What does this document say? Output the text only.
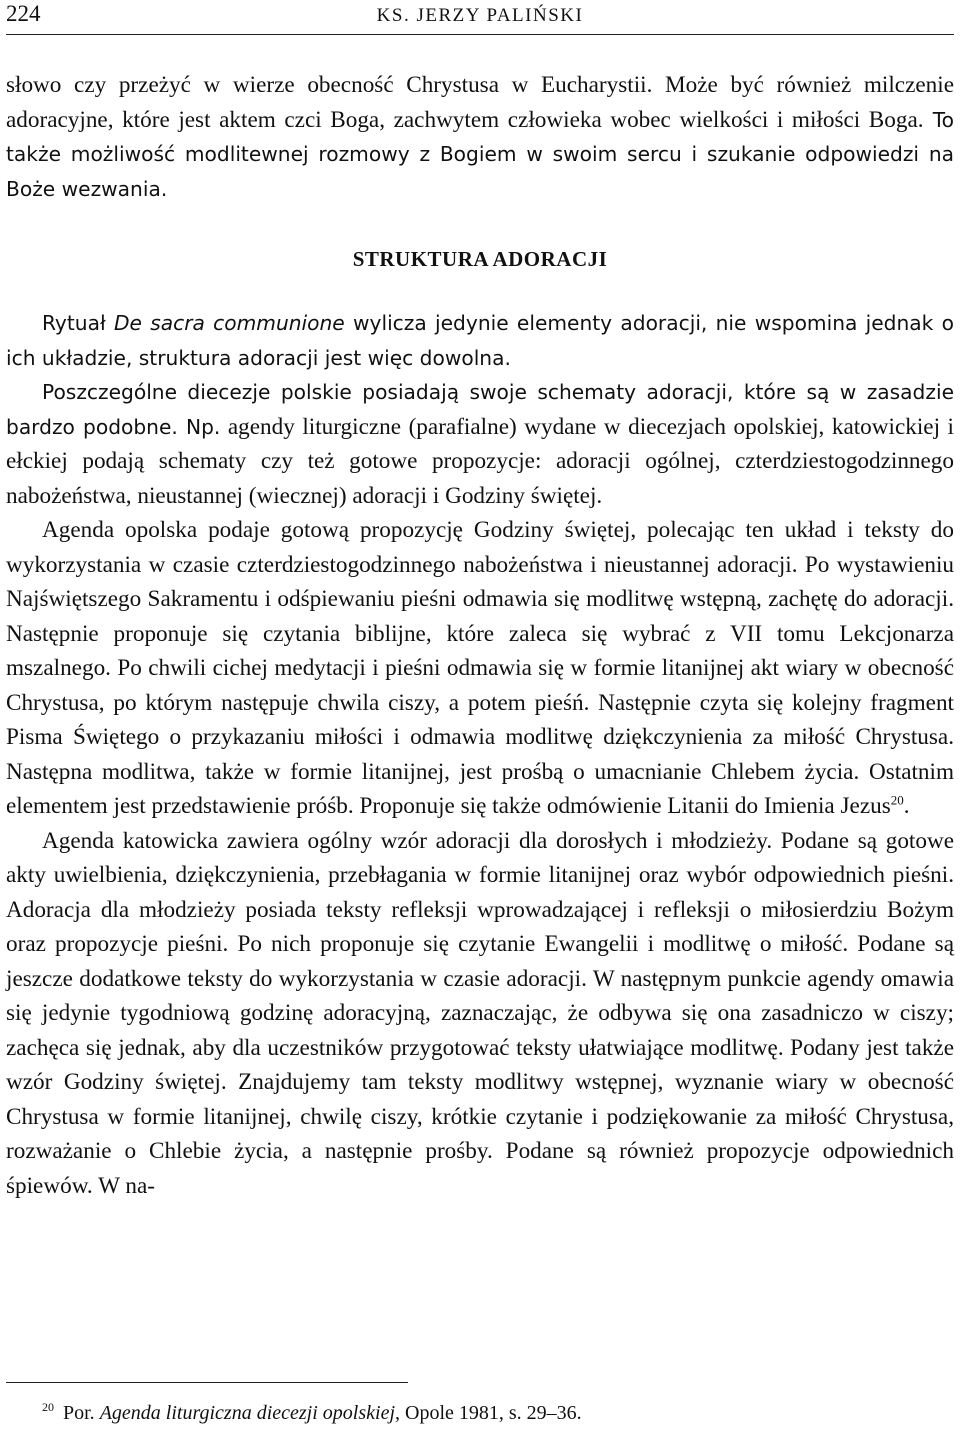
224	KS. JERZY PALIŃSKI

słowo czy przeżyć w wierze obecność Chrystusa w Eucharystii. Może być również milczenie adoracyjne, które jest aktem czci Boga, zachwytem człowieka wobec wielkości i miłości Boga. To także możliwość modlitewnej rozmowy z Bogiem w swoim sercu i szukanie odpowiedzi na Boże wezwania.

STRUKTURA ADORACJI

Rytuał De sacra communione wylicza jedynie elementy adoracji, nie wspomina jednak o ich układzie, struktura adoracji jest więc dowolna.

Poszczególne diecezje polskie posiadają swoje schematy adoracji, które są w zasadzie bardzo podobne. Np. agendy liturgiczne (parafialne) wydane w diecezjach opolskiej, katowickiej i ełckiej podają schematy czy też gotowe propozycje: adoracji ogólnej, czterdziestogodzinnego nabożeństwa, nieustannej (wiecznej) adoracji i Godziny świętej.

Agenda opolska podaje gotową propozycję Godziny świętej, polecając ten układ i teksty do wykorzystania w czasie czterdziestogodzinnego nabożeństwa i nieustannej adoracji. Po wystawieniu Najświętszego Sakramentu i odśpiewaniu pieśni odmawia się modlitwę wstępną, zachętę do adoracji. Następnie proponuje się czytania biblijne, które zaleca się wybrać z VII tomu Lekcjonarza mszalnego. Po chwili cichej medytacji i pieśni odmawia się w formie litanijnej akt wiary w obecność Chrystusa, po którym następuje chwila ciszy, a potem pieśń. Następnie czyta się kolejny fragment Pisma Świętego o przykazaniu miłości i odmawia modlitwę dziękczynienia za miłość Chrystusa. Następna modlitwa, także w formie litanijnej, jest prośbą o umacnianie Chlebem życia. Ostatnim elementem jest przedstawienie próśb. Proponuje się także odmówienie Litanii do Imienia Jezus$^{20}$.

Agenda katowicka zawiera ogólny wzór adoracji dla dorosłych i młodzieży. Podane są gotowe akty uwielbienia, dziękczynienia, przebłagania w formie litanijnej oraz wybór odpowiednich pieśni. Adoracja dla młodzieży posiada teksty refleksji wprowadzającej i refleksji o miłosierdziu Bożym oraz propozycje pieśni. Po nich proponuje się czytanie Ewangelii i modlitwę o miłość. Podane są jeszcze dodatkowe teksty do wykorzystania w czasie adoracji. W następnym punkcie agendy omawia się jedynie tygodniową godzinę adoracyjną, zaznaczając, że odbywa się ona zasadniczo w ciszy; zachęca się jednak, aby dla uczestników przygotować teksty ułatwiające modlitwę. Podany jest także wzór Godziny świętej. Znajdujemy tam teksty modlitwy wstępnej, wyznanie wiary w obecność Chrystusa w formie litanijnej, chwilę ciszy, krótkie czytanie i podziękowanie za miłość Chrystusa, rozważanie o Chlebie życia, a następnie prośby. Podane są również propozycje odpowiednich śpiewów. W na-

$^{20}$ Por. Agenda liturgiczna diecezji opolskiej, Opole 1981, s. 29–36.
